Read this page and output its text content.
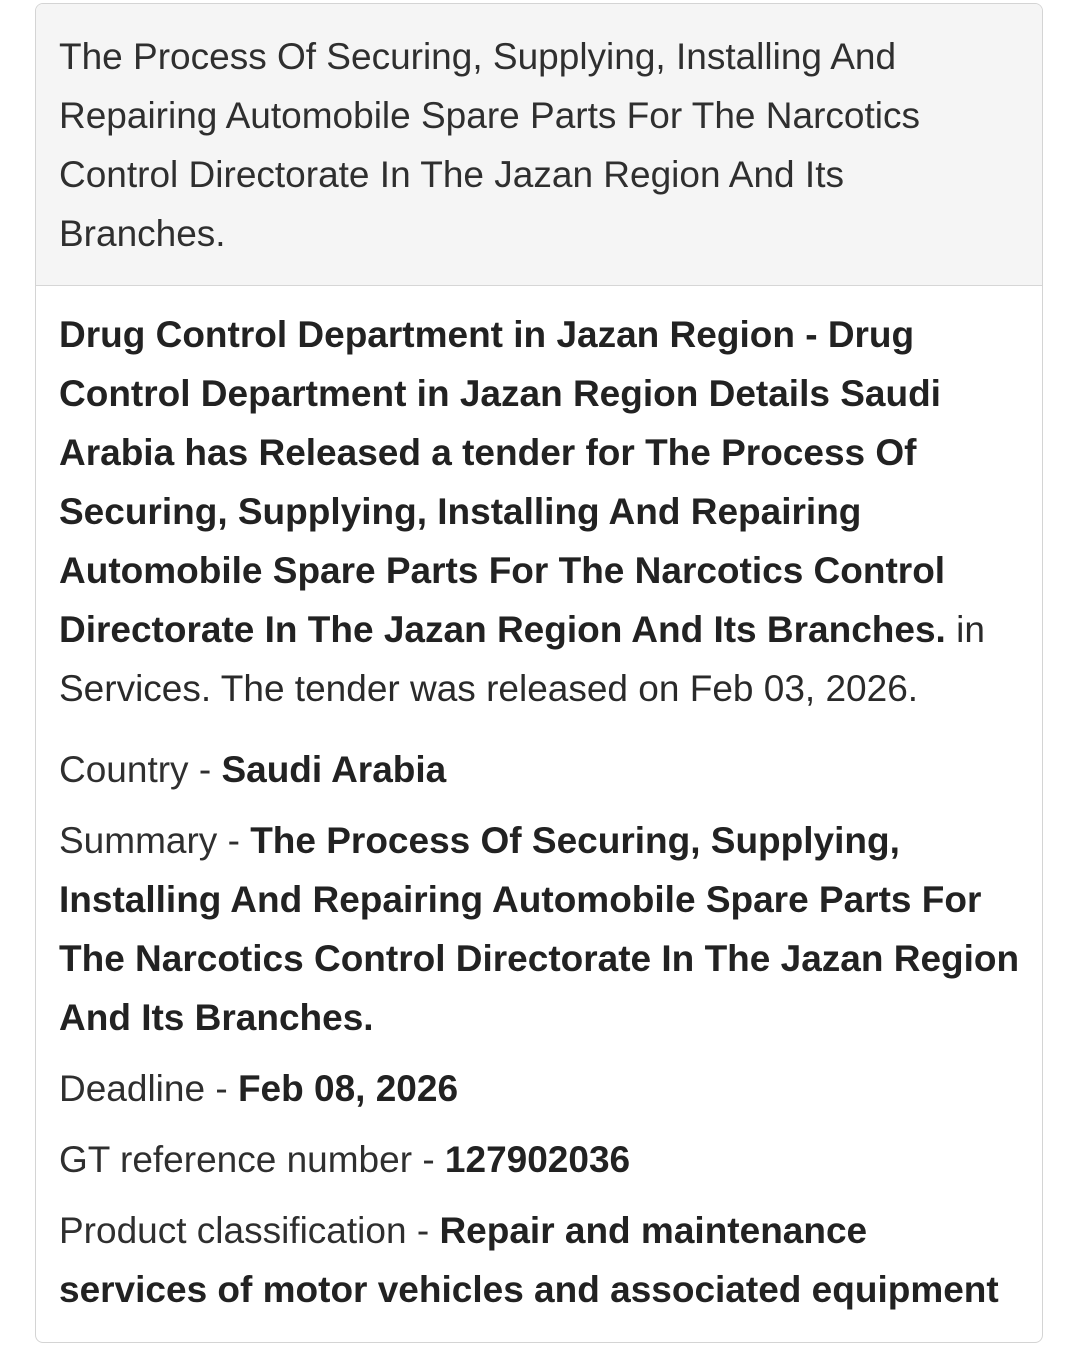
The Process Of Securing, Supplying, Installing And Repairing Automobile Spare Parts For The Narcotics Control Directorate In The Jazan Region And Its Branches.

Drug Control Department in Jazan Region - Drug Control Department in Jazan Region Details Saudi Arabia has Released a tender for The Process Of Securing, Supplying, Installing And Repairing Automobile Spare Parts For The Narcotics Control Directorate In The Jazan Region And Its Branches. in Services. The tender was released on Feb 03, 2026.

Country - Saudi Arabia

Summary - The Process Of Securing, Supplying, Installing And Repairing Automobile Spare Parts For The Narcotics Control Directorate In The Jazan Region And Its Branches.

Deadline - Feb 08, 2026

GT reference number - 127902036

Product classification - Repair and maintenance services of motor vehicles and associated equipment
